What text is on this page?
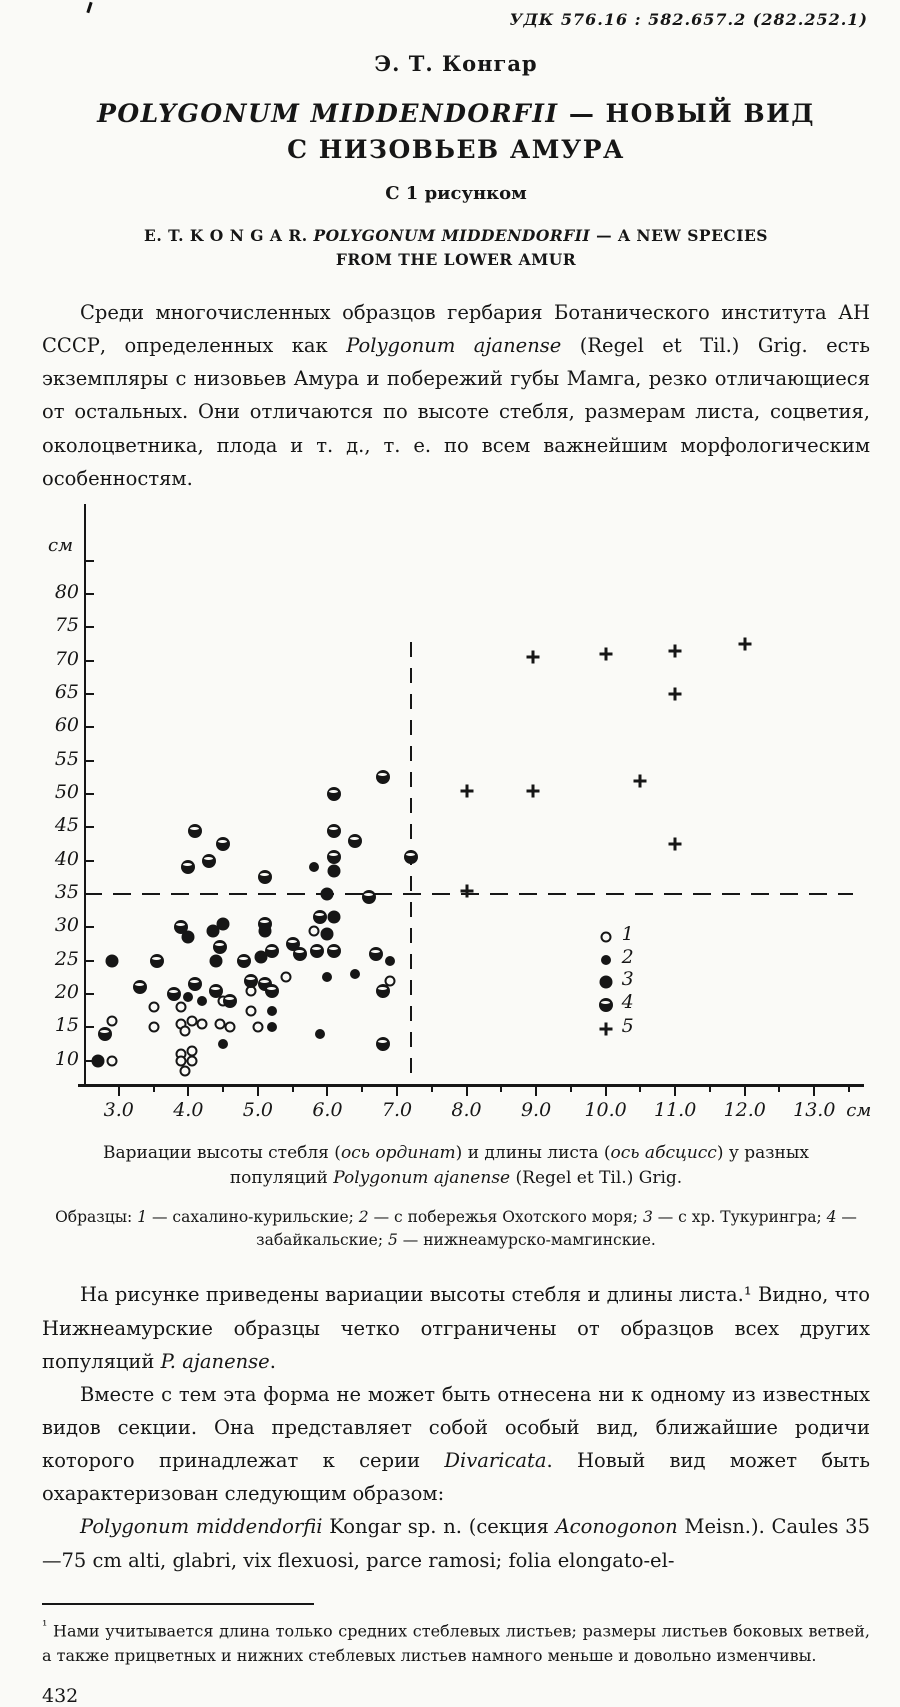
УДК 576.16 : 582.657.2 (282.252.1)
Э. Т. Конгар
POLYGONUM MIDDENDORFII — НОВЫЙ ВИД
С НИЗОВЬЕВ АМУРА
С 1 рисунком
E. T. K O N G A R. POLYGONUM MIDDENDORFII — A NEW SPECIES
FROM THE LOWER AMUR

Среди многочисленных образцов гербария Ботанического института АН СССР, определенных как Polygonum ajanense (Regel et Til.) Grig. есть экземпляры с низовьев Амура и побережий губы Мамга, резко отличающиеся от остальных. Они отличаются по высоте стебля, размерам листа, соцветия, околоцветника, плода и т. д., т. е. по всем важнейшим морфологическим особенностям.

80
75
70
65
60
55
50
45
40
35
30
25
20
15
10
3.0	4.0	5.0	6.0	7.0	8.0	9.0	10.0	11.0	12.0	13.0
см
см
1
2
3
4
5
Вариации высоты стебля (ось ординат) и длины листа (ось абсцисс) у разных популяций Polygonum ajanense (Regel et Til.) Grig.
Образцы: 1 — сахалино-курильские; 2 — с побережья Охотского моря; 3 — с хр. Тукурингра; 4 — забайкальские; 5 — нижнеамурско-мамгинские.

На рисунке приведены вариации высоты стебля и длины листа.¹ Видно, что Нижнеамурские образцы четко отграничены от образцов всех других популяций P. ajanense.

Вместе с тем эта форма не может быть отнесена ни к одному из известных видов секции. Она представляет собой особый вид, ближайшие родичи которого принадлежат к серии Divaricata. Новый вид может быть охарактеризован следующим образом:

Polygonum middendorfii Kongar sp. n. (секция Aconogonon Meisn.). Caules 35—75 cm alti, glabri, vix flexuosi, parce ramosi; folia elongato-el-

$^{^1}$ Нами учитывается длина только средних стеблевых листьев; размеры листьев боковых ветвей, а также прицветных и нижних стеблевых листьев намного меньше и довольно изменчивы.

432
